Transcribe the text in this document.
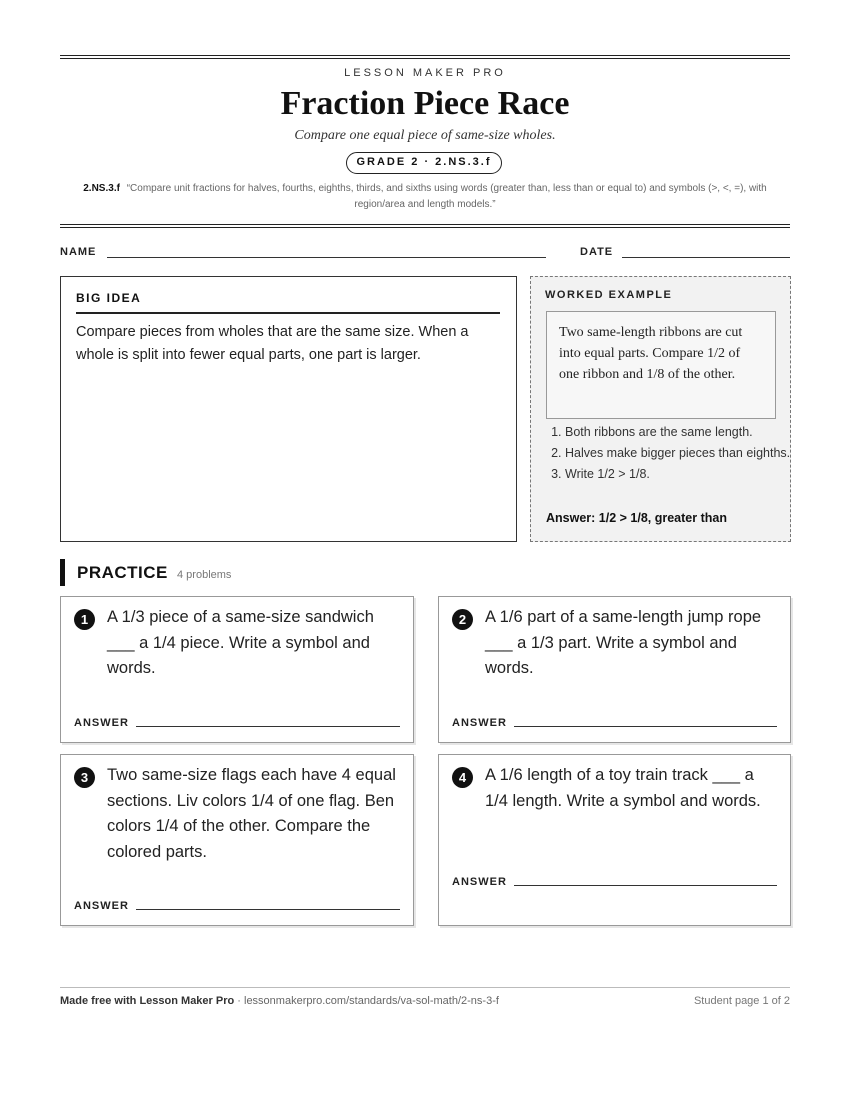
LESSON MAKER PRO
Fraction Piece Race
Compare one equal piece of same-size wholes.
GRADE 2 · 2.NS.3.f
2.NS.3.f “Compare unit fractions for halves, fourths, eighths, thirds, and sixths using words (greater than, less than or equal to) and symbols (>, <, =), with region/area and length models.”
NAME	DATE
BIG IDEA
Compare pieces from wholes that are the same size. When a whole is split into fewer equal parts, one part is larger.
WORKED EXAMPLE
Two same-length ribbons are cut into equal parts. Compare 1/2 of one ribbon and 1/8 of the other.
1. Both ribbons are the same length.
2. Halves make bigger pieces than eighths.
3. Write 1/2 > 1/8.
Answer: 1/2 > 1/8, greater than
PRACTICE 4 problems
1	A 1/3 piece of a same-size sandwich ___ a 1/4 piece. Write a symbol and words.
ANSWER
2	A 1/6 part of a same-length jump rope ___ a 1/3 part. Write a symbol and words.
ANSWER
3	Two same-size flags each have 4 equal sections. Liv colors 1/4 of one flag. Ben colors 1/4 of the other. Compare the colored parts.
ANSWER
4	A 1/6 length of a toy train track ___ a 1/4 length. Write a symbol and words.
ANSWER
Made free with Lesson Maker Pro · lessonmakerpro.com/standards/va-sol-math/2-ns-3-f	Student page 1 of 2
